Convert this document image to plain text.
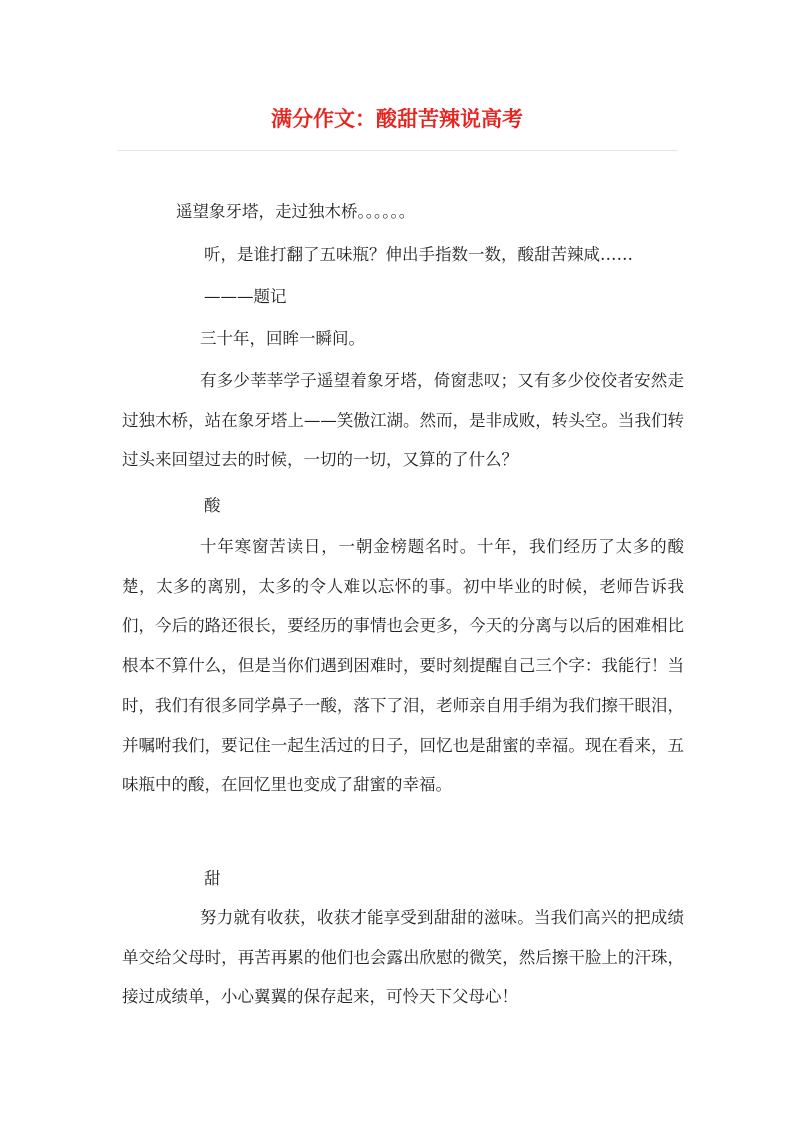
满分作文：酸甜苦辣说高考
遥望象牙塔，走过独木桥。。。。。。
听，是谁打翻了五味瓶？伸出手指数一数，酸甜苦辣咸……
———题记
三十年，回眸一瞬间。
有多少莘莘学子遥望着象牙塔，倚窗悲叹；又有多少佼佼者安然走过独木桥，站在象牙塔上——笑傲江湖。然而，是非成败，转头空。当我们转过头来回望过去的时候，一切的一切，又算的了什么？
酸
十年寒窗苦读日，一朝金榜题名时。十年，我们经历了太多的酸楚，太多的离别，太多的令人难以忘怀的事。初中毕业的时候，老师告诉我们，今后的路还很长，要经历的事情也会更多，今天的分离与以后的困难相比根本不算什么，但是当你们遇到困难时，要时刻提醒自己三个字：我能行！当时，我们有很多同学鼻子一酸，落下了泪，老师亲自用手绢为我们擦干眼泪，并嘱咐我们，要记住一起生活过的日子，回忆也是甜蜜的幸福。现在看来，五味瓶中的酸，在回忆里也变成了甜蜜的幸福。
甜
努力就有收获，收获才能享受到甜甜的滋味。当我们高兴的把成绩单交给父母时，再苦再累的他们也会露出欣慰的微笑，然后擦干脸上的汗珠，接过成绩单，小心翼翼的保存起来，可怜天下父母心！
